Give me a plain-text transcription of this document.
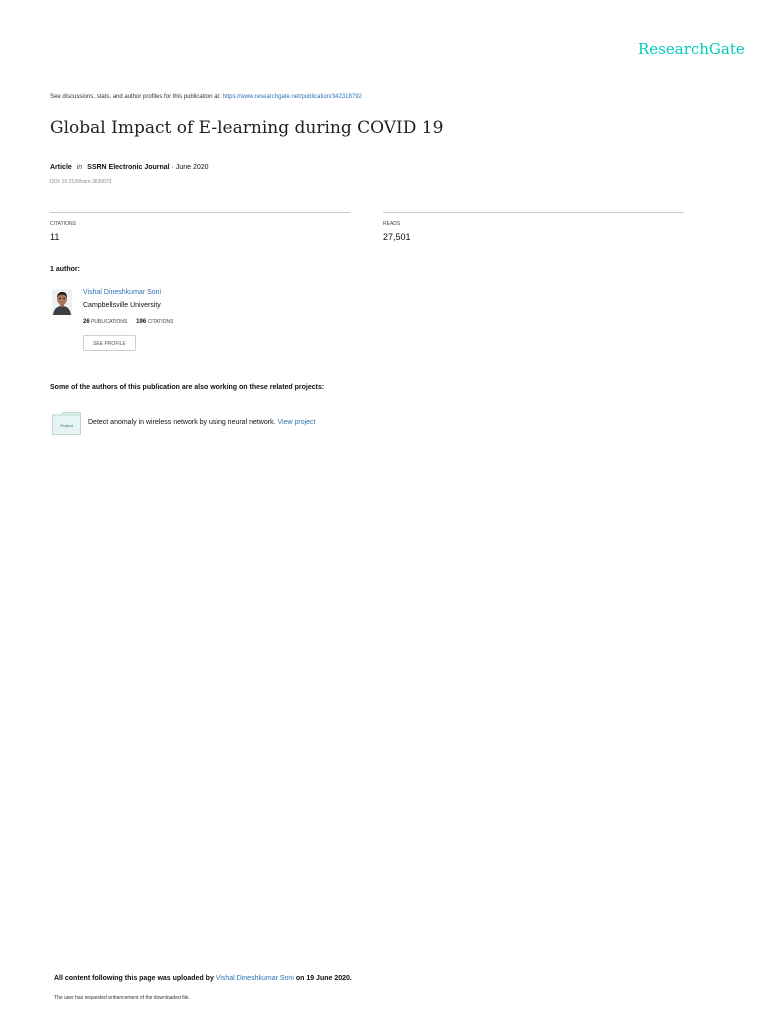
ResearchGate
See discussions, stats, and author profiles for this publication at: https://www.researchgate.net/publication/342318792
Global Impact of E-learning during COVID 19
Article in SSRN Electronic Journal · June 2020
DOI: 10.2139/ssrn.3630073
CITATIONS
11
READS
27,501
1 author:
Vishal Dineshkumar Soni
Campbellsville University
26 PUBLICATIONS 196 CITATIONS
SEE PROFILE
Some of the authors of this publication are also working on these related projects:
Project Detect anomaly in wireless network by using neural network. View project
All content following this page was uploaded by Vishal Dineshkumar Soni on 19 June 2020.
The user has requested enhancement of the downloaded file.
